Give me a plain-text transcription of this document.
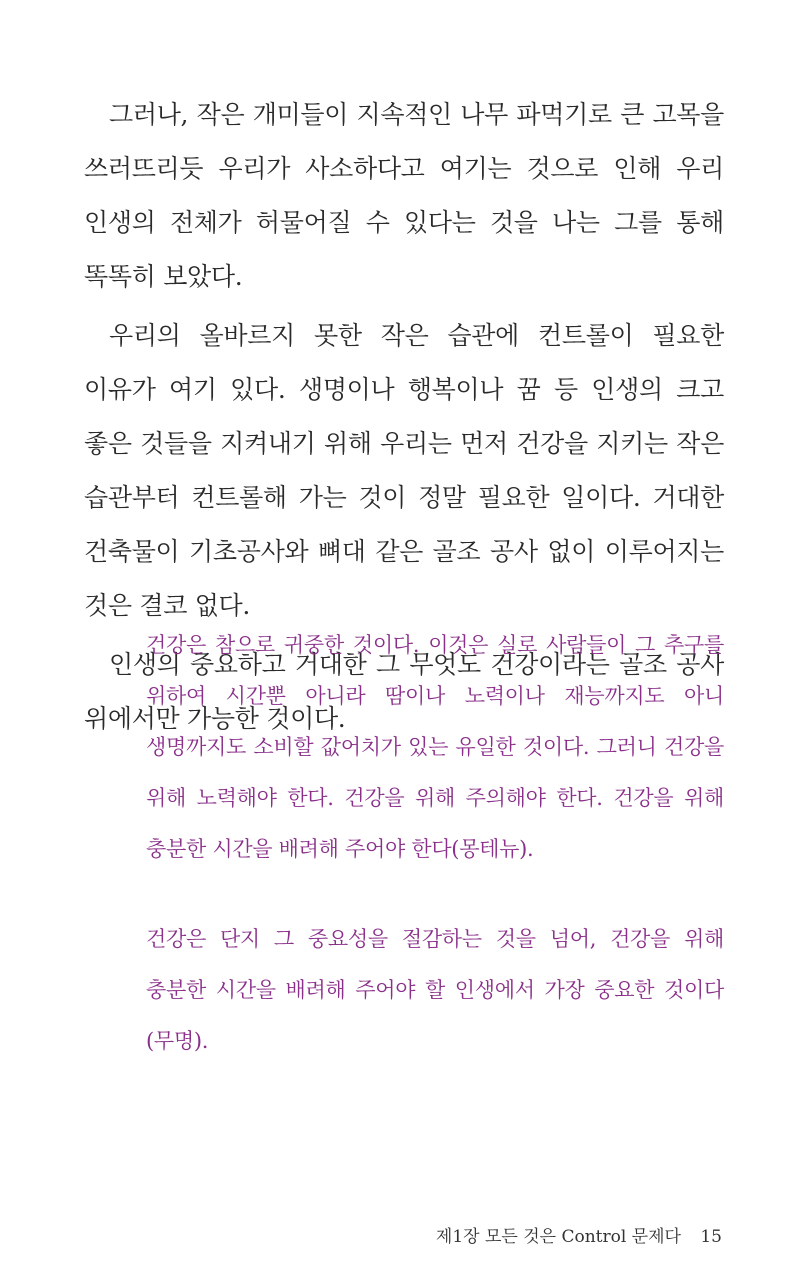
그러나, 작은 개미들이 지속적인 나무 파먹기로 큰 고목을 쓰러뜨리듯 우리가 사소하다고 여기는 것으로 인해 우리 인생의 전체가 허물어질 수 있다는 것을 나는 그를 통해 똑똑히 보았다.

우리의 올바르지 못한 작은 습관에 컨트롤이 필요한 이유가 여기 있다. 생명이나 행복이나 꿈 등 인생의 크고 좋은 것들을 지켜내기 위해 우리는 먼저 건강을 지키는 작은 습관부터 컨트롤해 가는 것이 정말 필요한 일이다. 거대한 건축물이 기초공사와 뼈대 같은 골조 공사 없이 이루어지는 것은 결코 없다.

인생의 중요하고 거대한 그 무엇도 건강이라는 골조 공사 위에서만 가능한 것이다.

건강은 참으로 귀중한 것이다. 이것은 실로 사람들이 그 추구를 위하여 시간뿐 아니라 땀이나 노력이나 재능까지도 아니 생명까지도 소비할 값어치가 있는 유일한 것이다. 그러니 건강을 위해 노력해야 한다. 건강을 위해 주의해야 한다. 건강을 위해 충분한 시간을 배려해 주어야 한다(몽테뉴).

건강은 단지 그 중요성을 절감하는 것을 넘어, 건강을 위해 충분한 시간을 배려해 주어야 할 인생에서 가장 중요한 것이다(무명).

제1장 모든 것은 Control 문제다 15
